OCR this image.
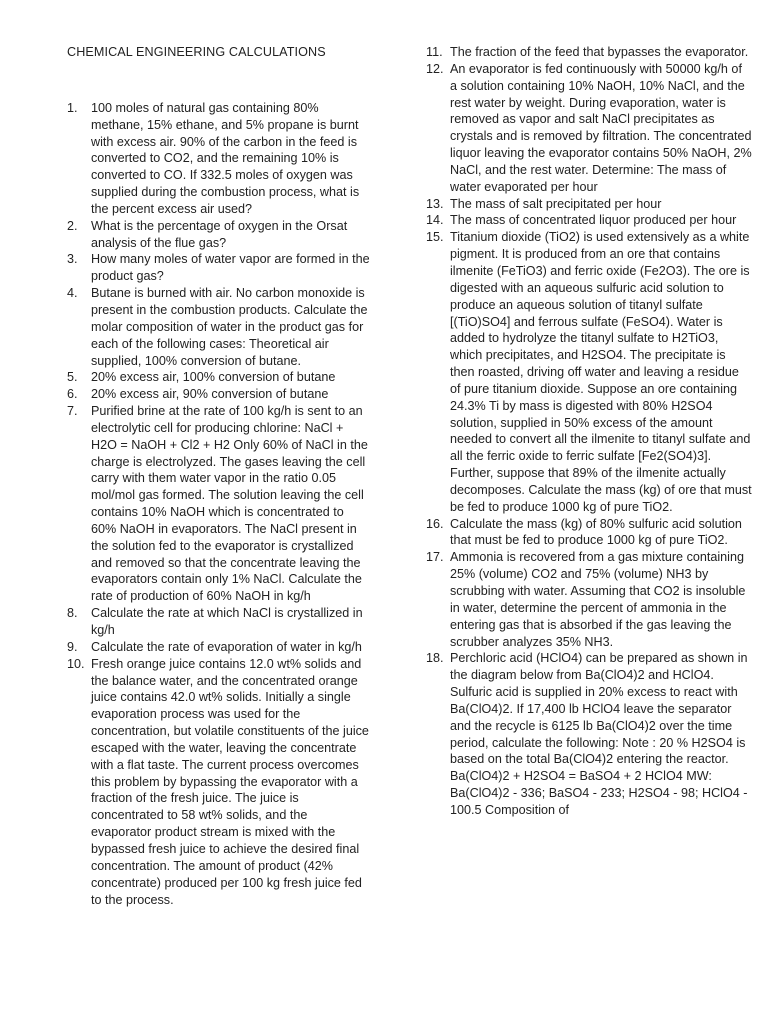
CHEMICAL ENGINEERING CALCULATIONS
1. 100 moles of natural gas containing 80% methane, 15% ethane, and 5% propane is burnt with excess air. 90% of the carbon in the feed is converted to CO2, and the remaining 10% is converted to CO. If 332.5 moles of oxygen was supplied during the combustion process, what is the percent excess air used?
2. What is the percentage of oxygen in the Orsat analysis of the flue gas?
3. How many moles of water vapor are formed in the product gas?
4. Butane is burned with air. No carbon monoxide is present in the combustion products. Calculate the molar composition of water in the product gas for each of the following cases: Theoretical air supplied, 100% conversion of butane.
5. 20% excess air, 100% conversion of butane
6. 20% excess air, 90% conversion of butane
7. Purified brine at the rate of 100 kg/h is sent to an electrolytic cell for producing chlorine: NaCl + H2O = NaOH + Cl2 + H2 Only 60% of NaCl in the charge is electrolyzed. The gases leaving the cell carry with them water vapor in the ratio 0.05 mol/mol gas formed. The solution leaving the cell contains 10% NaOH which is concentrated to 60% NaOH in evaporators. The NaCl present in the solution fed to the evaporator is crystallized and removed so that the concentrate leaving the evaporators contain only 1% NaCl. Calculate the rate of production of 60% NaOH in kg/h
8. Calculate the rate at which NaCl is crystallized in kg/h
9. Calculate the rate of evaporation of water in kg/h
10. Fresh orange juice contains 12.0 wt% solids and the balance water, and the concentrated orange juice contains 42.0 wt% solids. Initially a single evaporation process was used for the concentration, but volatile constituents of the juice escaped with the water, leaving the concentrate with a flat taste. The current process overcomes this problem by bypassing the evaporator with a fraction of the fresh juice. The juice is concentrated to 58 wt% solids, and the evaporator product stream is mixed with the bypassed fresh juice to achieve the desired final concentration. The amount of product (42% concentrate) produced per 100 kg fresh juice fed to the process.
11. The fraction of the feed that bypasses the evaporator.
12. An evaporator is fed continuously with 50000 kg/h of a solution containing 10% NaOH, 10% NaCl, and the rest water by weight. During evaporation, water is removed as vapor and salt NaCl precipitates as crystals and is removed by filtration. The concentrated liquor leaving the evaporator contains 50% NaOH, 2% NaCl, and the rest water. Determine: The mass of water evaporated per hour
13. The mass of salt precipitated per hour
14. The mass of concentrated liquor produced per hour
15. Titanium dioxide (TiO2) is used extensively as a white pigment. It is produced from an ore that contains ilmenite (FeTiO3) and ferric oxide (Fe2O3). The ore is digested with an aqueous sulfuric acid solution to produce an aqueous solution of titanyl sulfate [(TiO)SO4] and ferrous sulfate (FeSO4). Water is added to hydrolyze the titanyl sulfate to H2TiO3, which precipitates, and H2SO4. The precipitate is then roasted, driving off water and leaving a residue of pure titanium dioxide. Suppose an ore containing 24.3% Ti by mass is digested with 80% H2SO4 solution, supplied in 50% excess of the amount needed to convert all the ilmenite to titanyl sulfate and all the ferric oxide to ferric sulfate [Fe2(SO4)3]. Further, suppose that 89% of the ilmenite actually decomposes. Calculate the mass (kg) of ore that must be fed to produce 1000 kg of pure TiO2.
16. Calculate the mass (kg) of 80% sulfuric acid solution that must be fed to produce 1000 kg of pure TiO2.
17. Ammonia is recovered from a gas mixture containing 25% (volume) CO2 and 75% (volume) NH3 by scrubbing with water. Assuming that CO2 is insoluble in water, determine the percent of ammonia in the entering gas that is absorbed if the gas leaving the scrubber analyzes 35% NH3.
18. Perchloric acid (HClO4) can be prepared as shown in the diagram below from Ba(ClO4)2 and HClO4. Sulfuric acid is supplied in 20% excess to react with Ba(ClO4)2. If 17,400 lb HClO4 leave the separator and the recycle is 6125 lb Ba(ClO4)2 over the time period, calculate the following: Note : 20 % H2SO4 is based on the total Ba(ClO4)2 entering the reactor. Ba(ClO4)2 + H2SO4 = BaSO4 + 2 HClO4 MW: Ba(ClO4)2 - 336; BaSO4 - 233; H2SO4 - 98; HClO4 - 100.5 Composition of
